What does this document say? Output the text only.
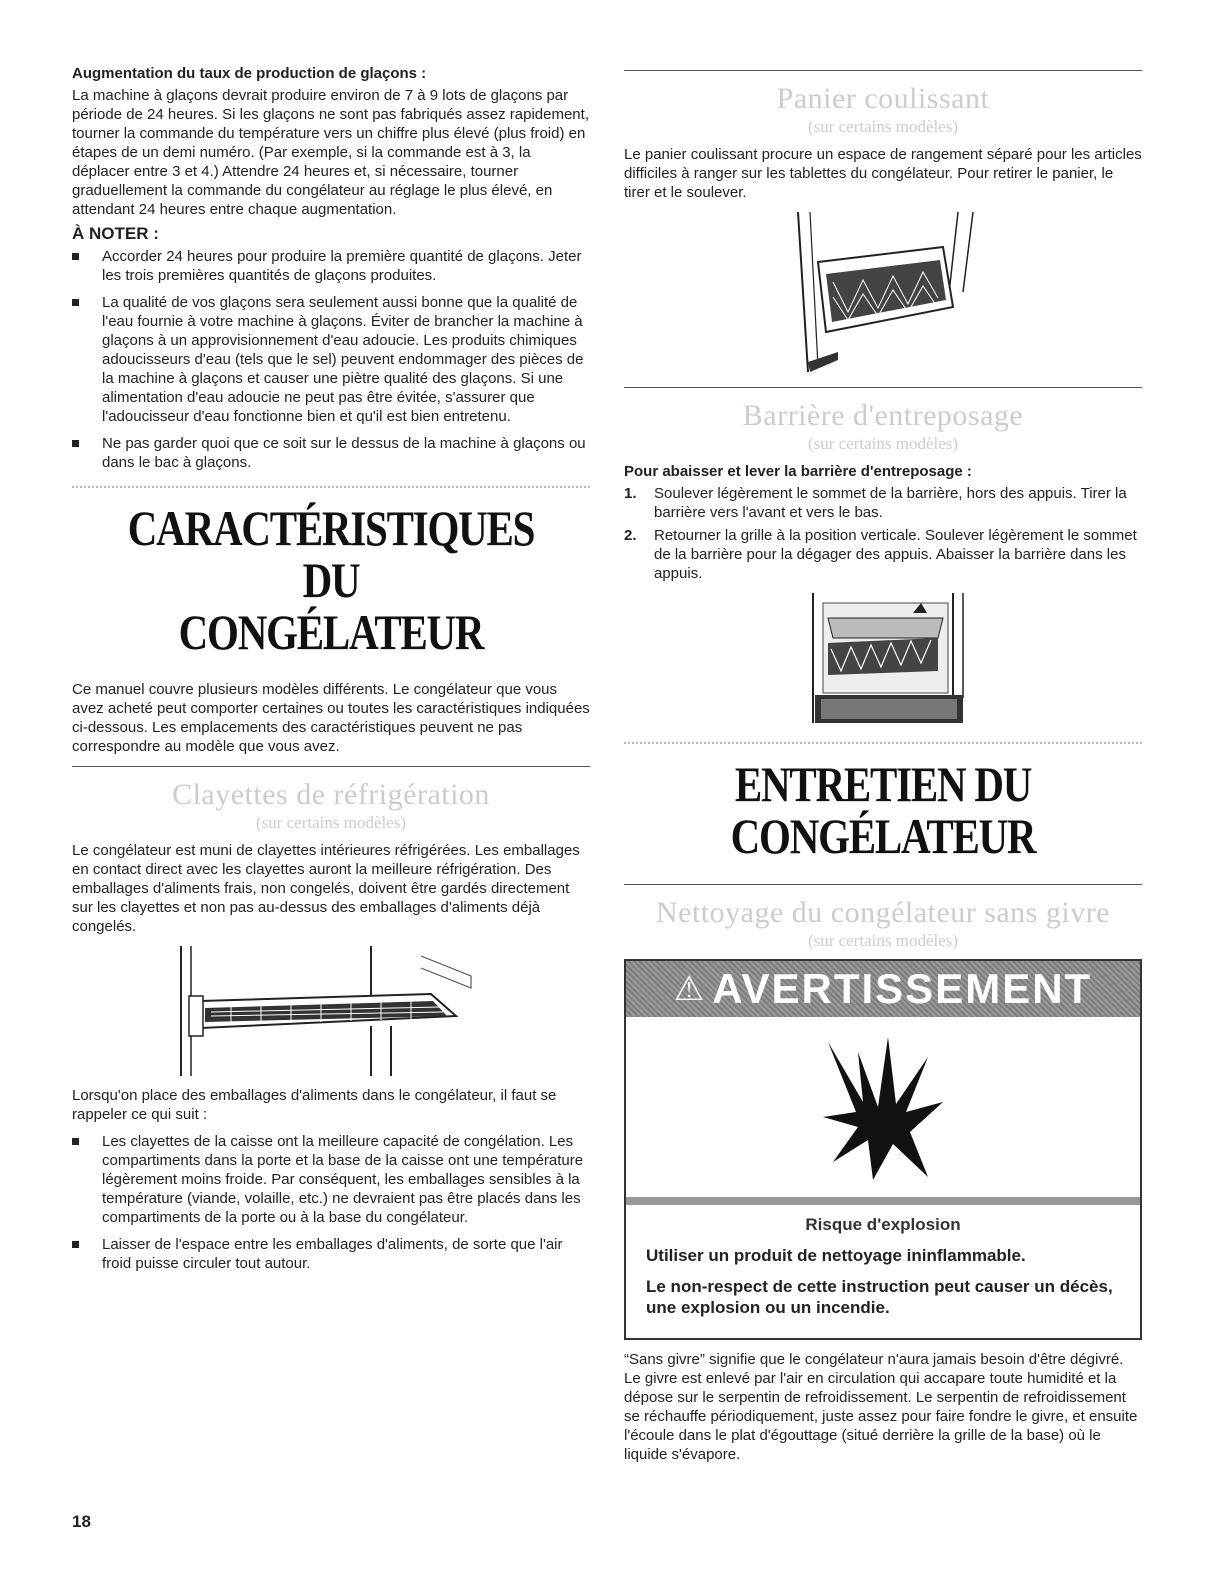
Augmentation du taux de production de glaçons :

La machine à glaçons devrait produire environ de 7 à 9 lots de glaçons par période de 24 heures. Si les glaçons ne sont pas fabriqués assez rapidement, tourner la commande du température vers un chiffre plus élevé (plus froid) en étapes de un demi numéro. (Par exemple, si la commande est à 3, la déplacer entre 3 et 4.) Attendre 24 heures et, si nécessaire, tourner graduellement la commande du congélateur au réglage le plus élevé, en attendant 24 heures entre chaque augmentation.

À NOTER :
Accorder 24 heures pour produire la première quantité de glaçons. Jeter les trois premières quantités de glaçons produites.
La qualité de vos glaçons sera seulement aussi bonne que la qualité de l'eau fournie à votre machine à glaçons. Éviter de brancher la machine à glaçons à un approvisionnement d'eau adoucie. Les produits chimiques adoucisseurs d'eau (tels que le sel) peuvent endommager des pièces de la machine à glaçons et causer une piètre qualité des glaçons. Si une alimentation d'eau adoucie ne peut pas être évitée, s'assurer que l'adoucisseur d'eau fonctionne bien et qu'il est bien entretenu.
Ne pas garder quoi que ce soit sur le dessus de la machine à glaçons ou dans le bac à glaçons.
CARACTÉRISTIQUES DU
CONGÉLATEUR

Ce manuel couvre plusieurs modèles différents. Le congélateur que vous avez acheté peut comporter certaines ou toutes les caractéristiques indiquées ci-dessous. Les emplacements des caractéristiques peuvent ne pas correspondre au modèle que vous avez.

Clayettes de réfrigération
(sur certains modèles)

Le congélateur est muni de clayettes intérieures réfrigérées. Les emballages en contact direct avec les clayettes auront la meilleure réfrigération. Des emballages d'aliments frais, non congelés, doivent être gardés directement sur les clayettes et non pas au-dessus des emballages d'aliments déjà congelés.

Lorsqu'on place des emballages d'aliments dans le congélateur, il faut se rappeler ce qui suit :

Les clayettes de la caisse ont la meilleure capacité de congélation. Les compartiments dans la porte et la base de la caisse ont une température légèrement moins froide. Par conséquent, les emballages sensibles à la température (viande, volaille, etc.) ne devraient pas être placés dans les compartiments de la porte ou à la base du congélateur.
Laisser de l'espace entre les emballages d'aliments, de sorte que l'air froid puisse circuler tout autour.
Panier coulissant
(sur certains modèles)

Le panier coulissant procure un espace de rangement séparé pour les articles difficiles à ranger sur les tablettes du congélateur. Pour retirer le panier, le tirer et le soulever.

Barrière d'entreposage
(sur certains modèles)

Pour abaisser et lever la barrière d'entreposage :

1. Soulever légèrement le sommet de la barrière, hors des appuis. Tirer la barrière vers l'avant et vers le bas.
2. Retourner la grille à la position verticale. Soulever légèrement le sommet de la barrière pour la dégager des appuis. Abaisser la barrière dans les appuis.
ENTRETIEN DU
CONGÉLATEUR
Nettoyage du congélateur sans givre
(sur certains modèles)
⚠ AVERTISSEMENT
Risque d'explosion
Utiliser un produit de nettoyage ininflammable.
Le non-respect de cette instruction peut causer un décès, une explosion ou un incendie.

“Sans givre” signifie que le congélateur n'aura jamais besoin d'être dégivré. Le givre est enlevé par l'air en circulation qui accapare toute humidité et la dépose sur le serpentin de refroidissement. Le serpentin de refroidissement se réchauffe périodiquement, juste assez pour faire fondre le givre, et ensuite l'écoule dans le plat d'égouttage (situé derrière la grille de la base) où le liquide s'évapore.

18
